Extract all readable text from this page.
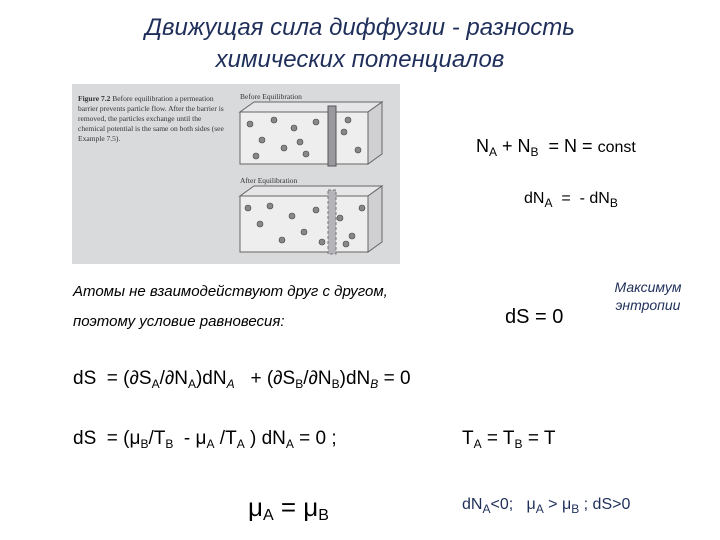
Движущая сила диффузии - разность
химических потенциалов
Figure 7.2 Before equilibration a permeation barrier prevents particle flow. After the barrier is removed, the particles exchange until the chemical potential is the same on both sides (see Example 7.5).
Before Equilibration
After Equilibration
$N_A + N_B = N$ = const
$dN_A$  =  - $dN_B$
Атомы не взаимодействуют друг с другом,
поэтому условие равновесия:	dS = 0
Максимум
энтропии
dS  = $(\partial S_A/\partial N_A)dN_A + (\partial S_B/\partial N_B)dN_B = 0$
dS  = ($\mu_B/T_B - \mu_A$ $/T_A$ ) $dN_A = 0$ ;	$T_A = T_B = T$
$\mu_A = \mu_B$
$dN_A<0$;   $\mu_A > \mu_B$ ; dS>0
